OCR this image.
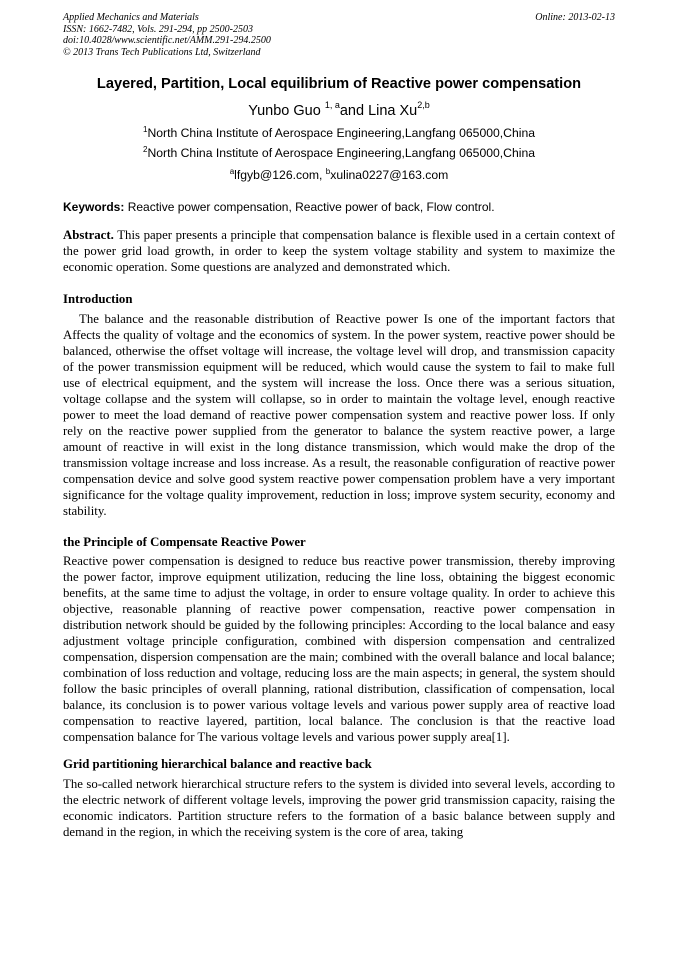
Applied Mechanics and Materials	Online: 2013-02-13
ISSN: 1662-7482, Vols. 291-294, pp 2500-2503
doi:10.4028/www.scientific.net/AMM.291-294.2500
© 2013 Trans Tech Publications Ltd, Switzerland
Layered, Partition, Local equilibrium of Reactive power compensation
Yunbo Guo $^{1, a}$and Lina Xu$^{2,b}$
$^1$North China Institute of Aerospace Engineering,Langfang 065000,China
$^2$North China Institute of Aerospace Engineering,Langfang 065000,China
$^a$lfgyb@126.com, $^b$xulina0227@163.com
Keywords: Reactive power compensation, Reactive power of back, Flow control.

Abstract. This paper presents a principle that compensation balance is flexible used in a certain context of the power grid load growth, in order to keep the system voltage stability and system to maximize the economic operation. Some questions are analyzed and demonstrated which.

Introduction

The balance and the reasonable distribution of Reactive power Is one of the important factors that Affects the quality of voltage and the economics of system. In the power system, reactive power should be balanced, otherwise the offset voltage will increase, the voltage level will drop, and transmission capacity of the power transmission equipment will be reduced, which would cause the system to fail to make full use of electrical equipment, and the system will increase the loss. Once there was a serious situation, voltage collapse and the system will collapse, so in order to maintain the voltage level, enough reactive power to meet the load demand of reactive power compensation system and reactive power loss. If only rely on the reactive power supplied from the generator to balance the system reactive power, a large amount of reactive in will exist in the long distance transmission, which would make the drop of the transmission voltage increase and loss increase. As a result, the reasonable configuration of reactive power compensation device and solve good system reactive power compensation problem have a very important significance for the voltage quality improvement, reduction in loss; improve system security, economy and stability.

the Principle of Compensate Reactive Power

Reactive power compensation is designed to reduce bus reactive power transmission, thereby improving the power factor, improve equipment utilization, reducing the line loss, obtaining the biggest economic benefits, at the same time to adjust the voltage, in order to ensure voltage quality. In order to achieve this objective, reasonable planning of reactive power compensation, reactive power compensation in distribution network should be guided by the following principles: According to the local balance and easy adjustment voltage principle configuration, combined with dispersion compensation and centralized compensation, dispersion compensation are the main; combined with the overall balance and local balance; combination of loss reduction and voltage, reducing loss are the main aspects; in general, the system should follow the basic principles of overall planning, rational distribution, classification of compensation, local balance, its conclusion is to power various voltage levels and various power supply area of reactive load compensation to reactive layered, partition, local balance. The conclusion is that the reactive load compensation balance for The various voltage levels and various power supply area[1].

Grid partitioning hierarchical balance and reactive back

The so-called network hierarchical structure refers to the system is divided into several levels, according to the electric network of different voltage levels, improving the power grid transmission capacity, raising the economic indicators. Partition structure refers to the formation of a basic balance between supply and demand in the region, in which the receiving system is the core of area, taking
